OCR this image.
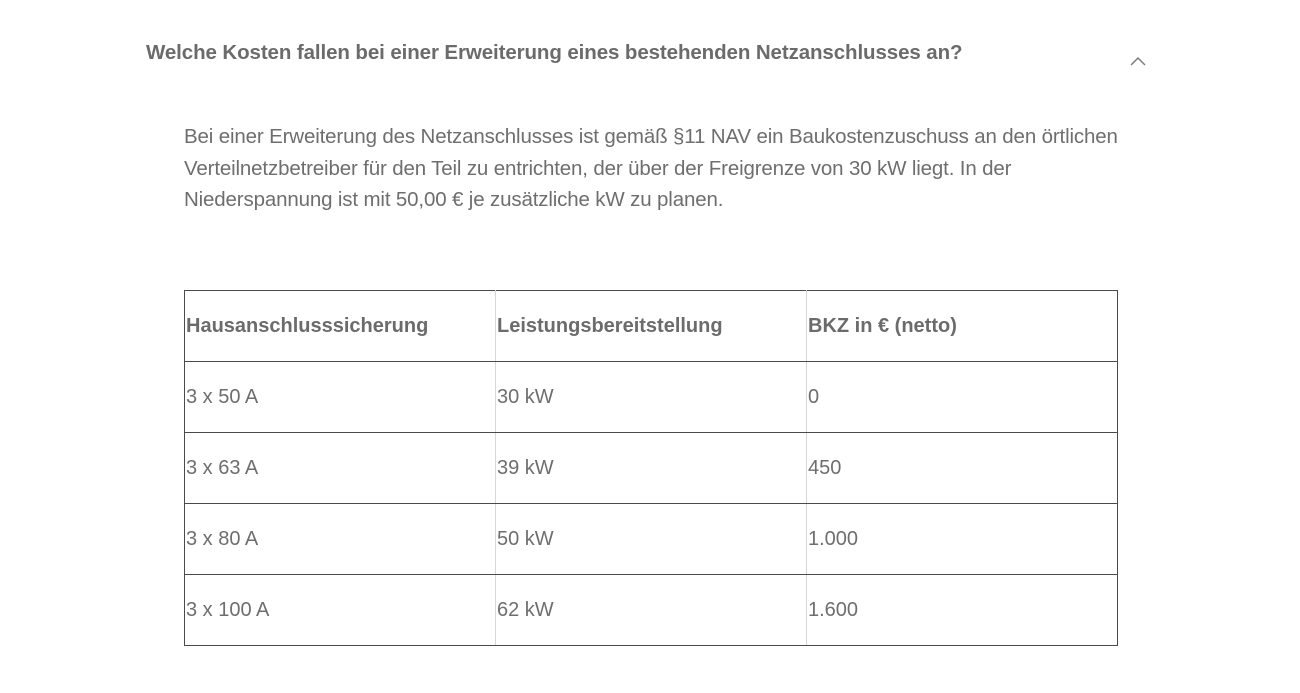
Welche Kosten fallen bei einer Erweiterung eines bestehenden Netzanschlusses an?

Bei einer Erweiterung des Netzanschlusses ist gemäß §11 NAV ein Baukostenzuschuss an den örtlichen Verteilnetzbetreiber für den Teil zu entrichten, der über der Freigrenze von 30 kW liegt. In der Niederspannung ist mit 50,00 € je zusätzliche kW zu planen.

Hausanschlusssicherung	Leistungsbereitstellung	BKZ in € (netto)
3 x 50 A	30 kW	0
3 x 63 A	39 kW	450
3 x 80 A	50 kW	1.000
3 x 100 A	62 kW	1.600
